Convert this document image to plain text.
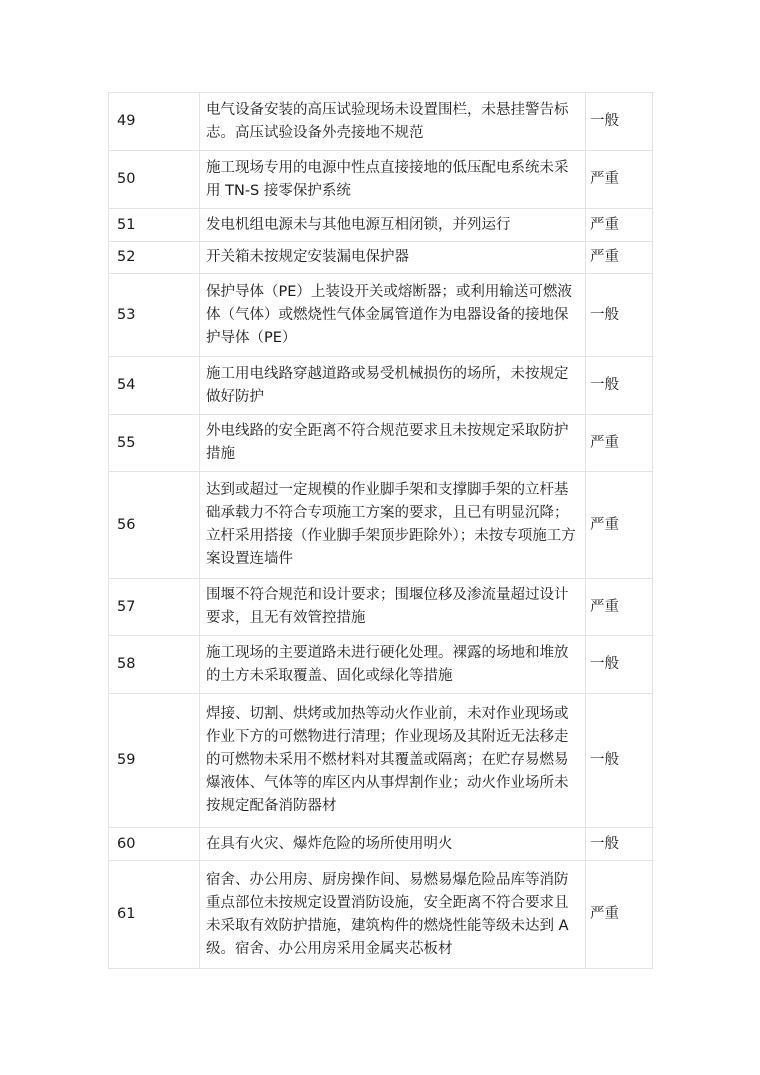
49	电气设备安装的高压试验现场未设置围栏，未悬挂警告标志。高压试验设备外壳接地不规范	一般
50	施工现场专用的电源中性点直接接地的低压配电系统未采用 TN-S 接零保护系统	严重
51	发电机组电源未与其他电源互相闭锁，并列运行	严重
52	开关箱未按规定安装漏电保护器	严重
53	保护导体（PE）上装设开关或熔断器；或利用输送可燃液体（气体）或燃烧性气体金属管道作为电器设备的接地保护导体（PE）	一般
54	施工用电线路穿越道路或易受机械损伤的场所，未按规定做好防护	一般
55	外电线路的安全距离不符合规范要求且未按规定采取防护措施	严重
56	达到或超过一定规模的作业脚手架和支撑脚手架的立杆基础承载力不符合专项施工方案的要求，且已有明显沉降；立杆采用搭接（作业脚手架顶步距除外）；未按专项施工方案设置连墙件	严重
57	围堰不符合规范和设计要求；围堰位移及渗流量超过设计要求，且无有效管控措施	严重
58	施工现场的主要道路未进行硬化处理。裸露的场地和堆放的土方未采取覆盖、固化或绿化等措施	一般
59	焊接、切割、烘烤或加热等动火作业前，未对作业现场或作业下方的可燃物进行清理；作业现场及其附近无法移走的可燃物未采用不燃材料对其覆盖或隔离；在贮存易燃易爆液体、气体等的库区内从事焊割作业；动火作业场所未按规定配备消防器材	一般
60	在具有火灾、爆炸危险的场所使用明火	一般
61	宿舍、办公用房、厨房操作间、易燃易爆危险品库等消防重点部位未按规定设置消防设施，安全距离不符合要求且未采取有效防护措施，建筑构件的燃烧性能等级未达到 A 级。宿舍、办公用房采用金属夹芯板材	严重
